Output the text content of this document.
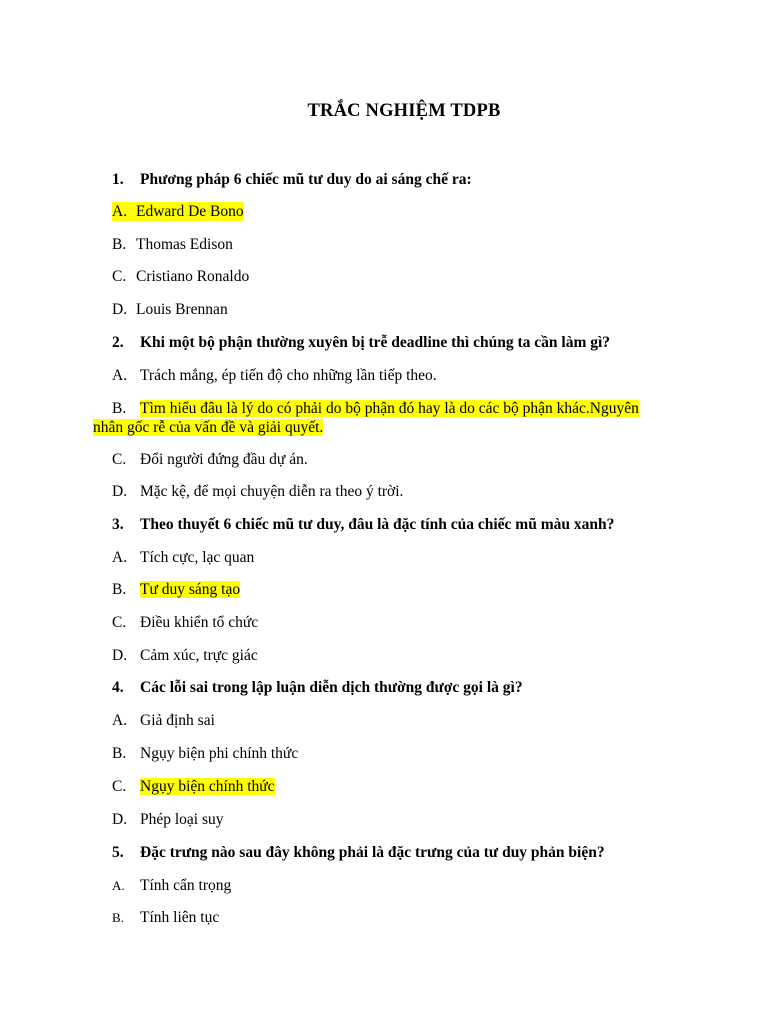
TRẮC NGHIỆM TDPB

1. Phương pháp 6 chiếc mũ tư duy do ai sáng chế ra:

A. Edward De Bono

B. Thomas Edison

C. Cristiano Ronaldo

D. Louis Brennan

2. Khi một bộ phận thường xuyên bị trễ deadline thì chúng ta cần làm gì?

A. Trách mắng, ép tiến độ cho những lần tiếp theo.

B. Tìm hiểu đâu là lý do có phải do bộ phận đó hay là do các bộ phận khác.Nguyên
nhân gốc rễ của vấn đề và giải quyết.

C. Đổi người đứng đầu dự án.

D. Mặc kệ, để mọi chuyện diễn ra theo ý trời.

3. Theo thuyết 6 chiếc mũ tư duy, đâu là đặc tính của chiếc mũ màu xanh?

A. Tích cực, lạc quan

B. Tư duy sáng tạo

C. Điều khiển tổ chức

D. Cảm xúc, trực giác

4. Các lỗi sai trong lập luận diễn dịch thường được gọi là gì?

A. Giả định sai

B. Ngụy biện phi chính thức

C. Ngụy biện chính thức

D. Phép loại suy

5. Đặc trưng nào sau đây không phải là đặc trưng của tư duy phản biện?

A. Tính cẩn trọng

B. Tính liên tục
